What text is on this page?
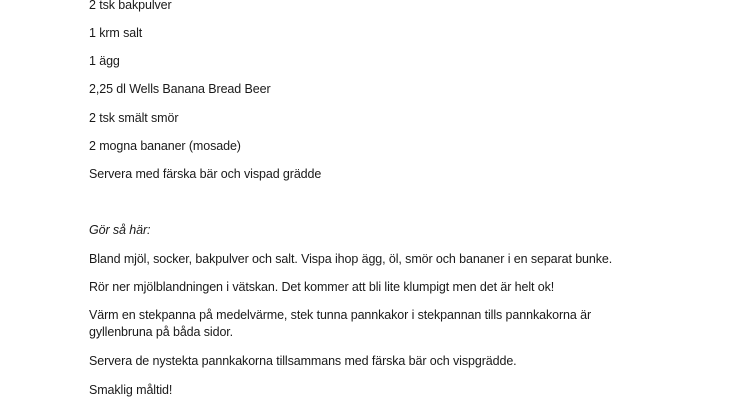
2 tsk bakpulver
1 krm salt
1 ägg
2,25 dl Wells Banana Bread Beer
2 tsk smält smör
2 mogna bananer (mosade)
Servera med färska bär och vispad grädde
Gör så här:
Bland mjöl, socker, bakpulver och salt. Vispa ihop ägg, öl, smör och bananer i en separat bunke.
Rör ner mjölblandningen i vätskan. Det kommer att bli lite klumpigt men det är helt ok!
Värm en stekpanna på medelvärme, stek tunna pannkakor i stekpannan tills pannkakorna är
gyllenbruna på båda sidor.
Servera de nystekta pannkakorna tillsammans med färska bär och vispgrädde.
Smaklig måltid!
